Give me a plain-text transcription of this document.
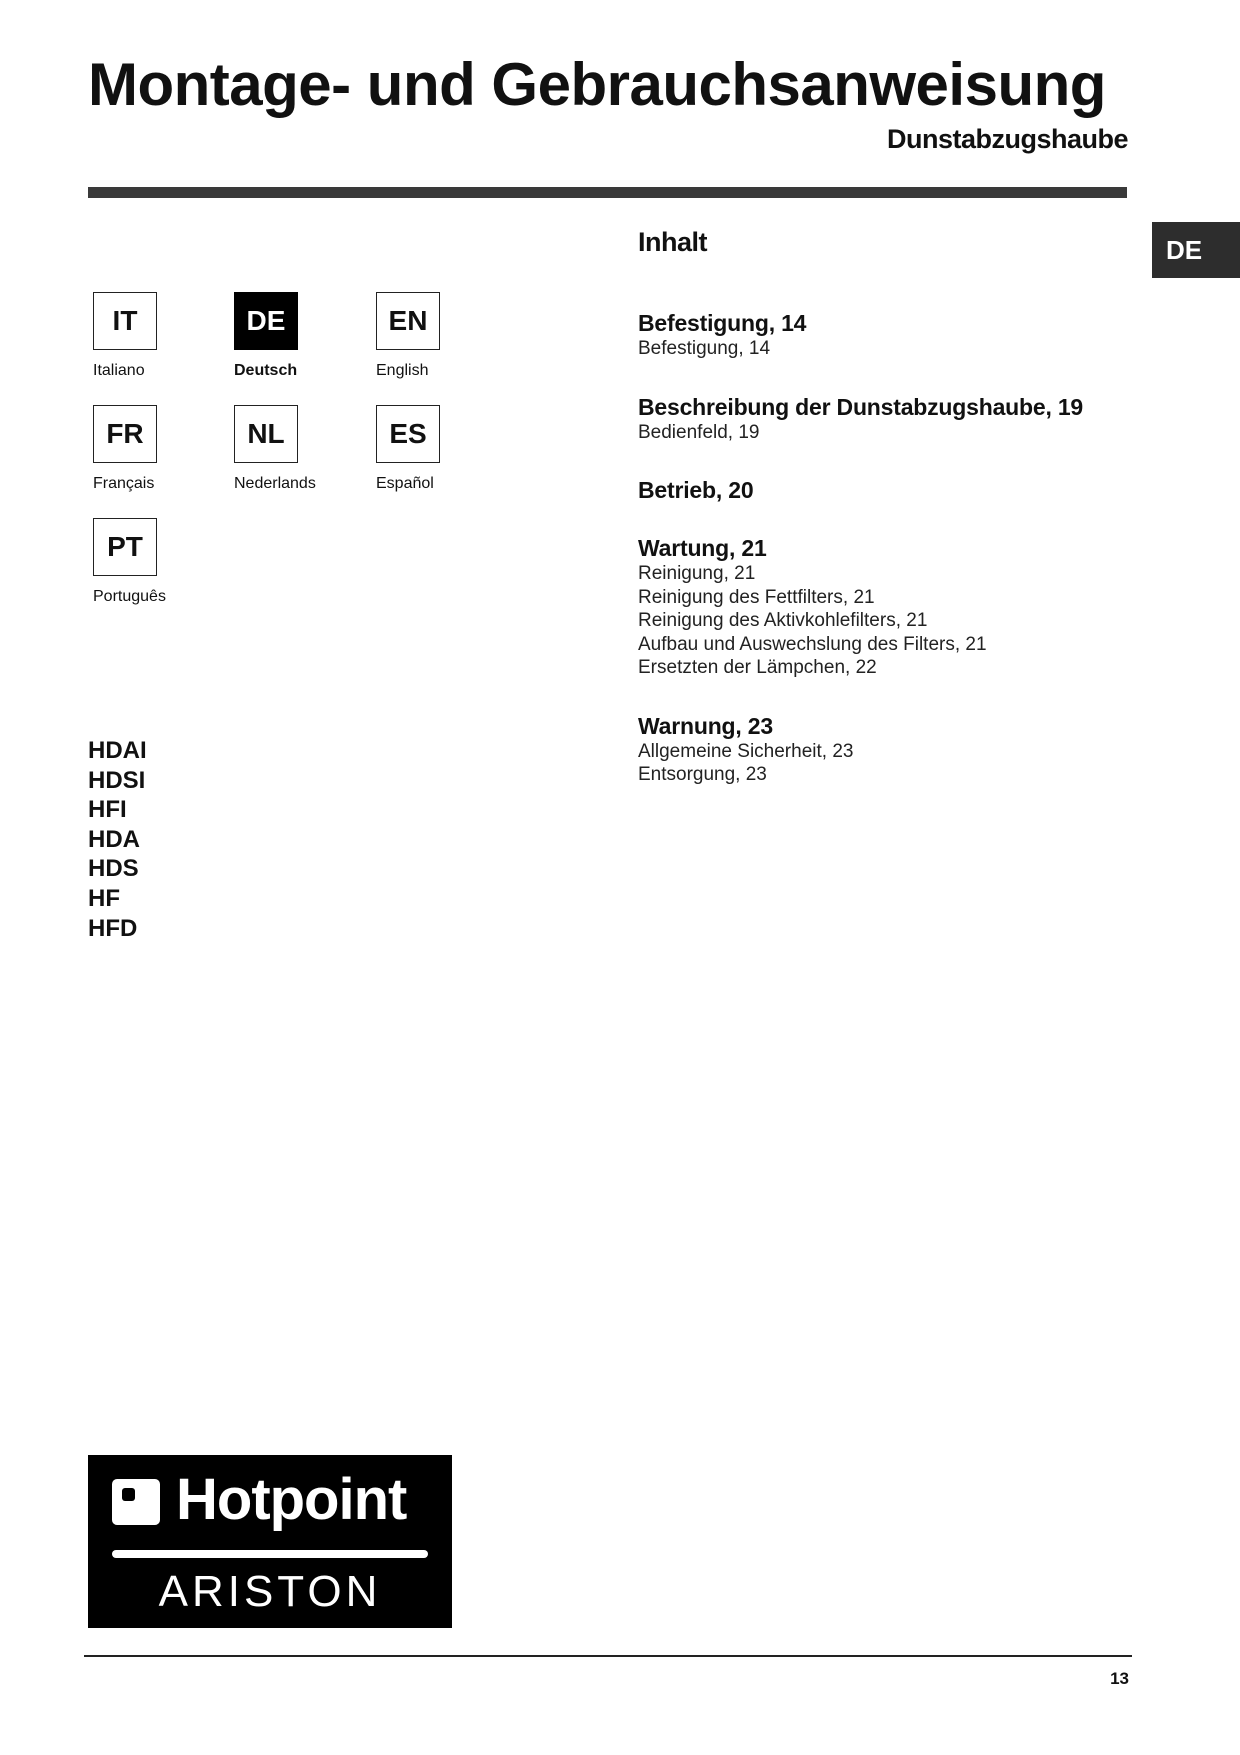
Montage- und Gebrauchsanweisung
Dunstabzugshaube
DE
IT
Italiano
DE
Deutsch
EN
English
FR
Français
NL
Nederlands
ES
Español
PT
Português
HDAI
HDSI
HFI
HDA
HDS
HF
HFD
Inhalt
Befestigung, 14
Befestigung, 14
Beschreibung der Dunstabzugshaube, 19
Bedienfeld, 19
Betrieb, 20
Wartung, 21
Reinigung, 21
Reinigung des Fettfilters, 21
Reinigung des Aktivkohlefilters, 21
Aufbau und Auswechslung des Filters, 21
Ersetzten der Lämpchen, 22
Warnung, 23
Allgemeine Sicherheit, 23
Entsorgung, 23
Hotpoint
ARISTON
13
